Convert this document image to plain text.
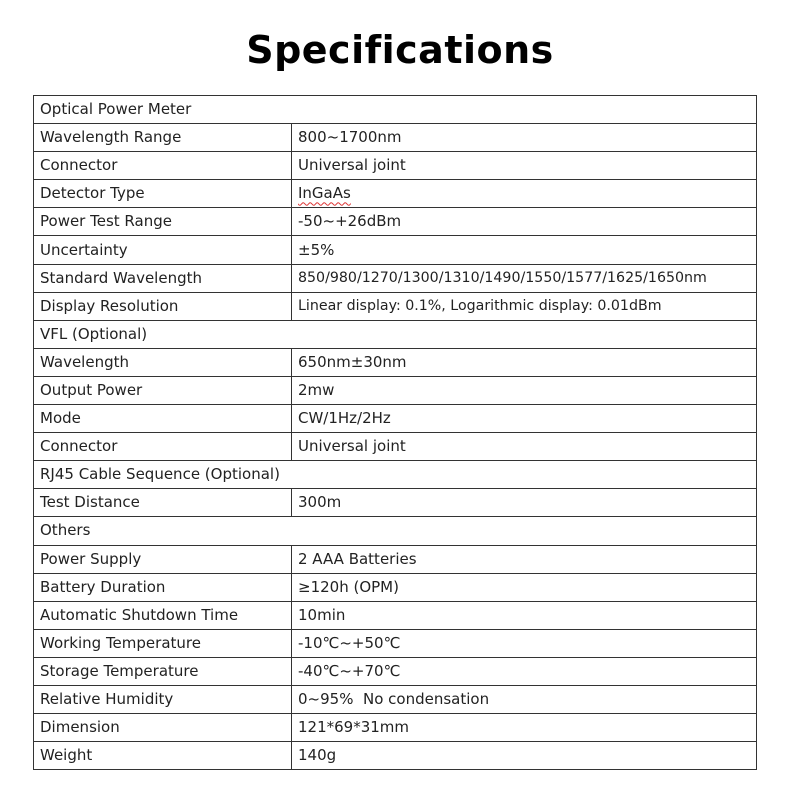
Specifications
Optical Power Meter	
Wavelength Range	800~1700nm
Connector	Universal joint
Detector Type	InGaAs
Power Test Range	-50~+26dBm
Uncertainty	±5%
Standard Wavelength	850/980/1270/1300/1310/1490/1550/1577/1625/1650nm
Display Resolution	Linear display: 0.1%, Logarithmic display: 0.01dBm
VFL (Optional)	
Wavelength	650nm±30nm
Output Power	2mw
Mode	CW/1Hz/2Hz
Connector	Universal joint
RJ45 Cable Sequence (Optional)	
Test Distance	300m
Others	
Power Supply	2 AAA Batteries
Battery Duration	≥120h (OPM)
Automatic Shutdown Time	10min
Working Temperature	-10℃~+50℃
Storage Temperature	-40℃~+70℃
Relative Humidity	0~95%  No condensation
Dimension	121*69*31mm
Weight	140g
